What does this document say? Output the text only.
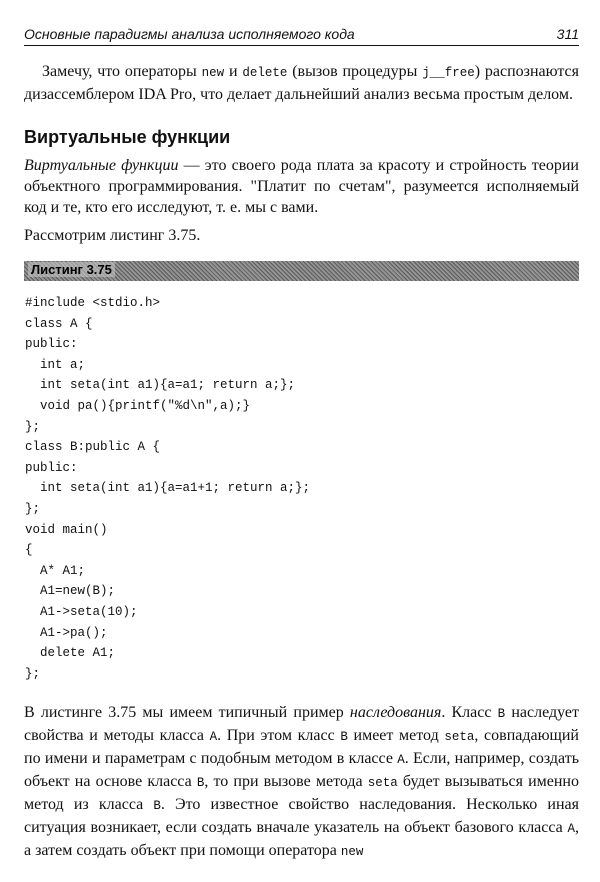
Основные парадигмы анализа исполняемого кода	311

Замечу, что операторы new и delete (вызов процедуры j__free) распознаются дизассемблером IDA Pro, что делает дальнейший анализ весьма простым делом.

Виртуальные функции

Виртуальные функции — это своего рода плата за красоту и стройность теории объектного программирования. "Платит по счетам", разумеется исполняемый код и те, кто его исследуют, т. е. мы с вами.

Рассмотрим листинг 3.75.

Листинг 3.75
#include <stdio.h>
class A {
public:
int a;
int seta(int a1){a=a1; return a;};
void pa(){printf("%d\n",a);}
};
class B:public A {
public:
int seta(int a1){a=a1+1; return a;};
};
void main()
{
A* A1;
A1=new(B);
A1->seta(10);
A1->pa();
delete A1;
};

В листинге 3.75 мы имеем типичный пример наследования. Класс B наследует свойства и методы класса A. При этом класс B имеет метод seta, совпадающий по имени и параметрам с подобным методом в классе A. Если, например, создать объект на основе класса B, то при вызове метода seta будет вызываться именно метод из класса B. Это известное свойство наследования. Несколько иная ситуация возникает, если создать вначале указатель на объект базового класса A, а затем создать объект при помощи оператора new
